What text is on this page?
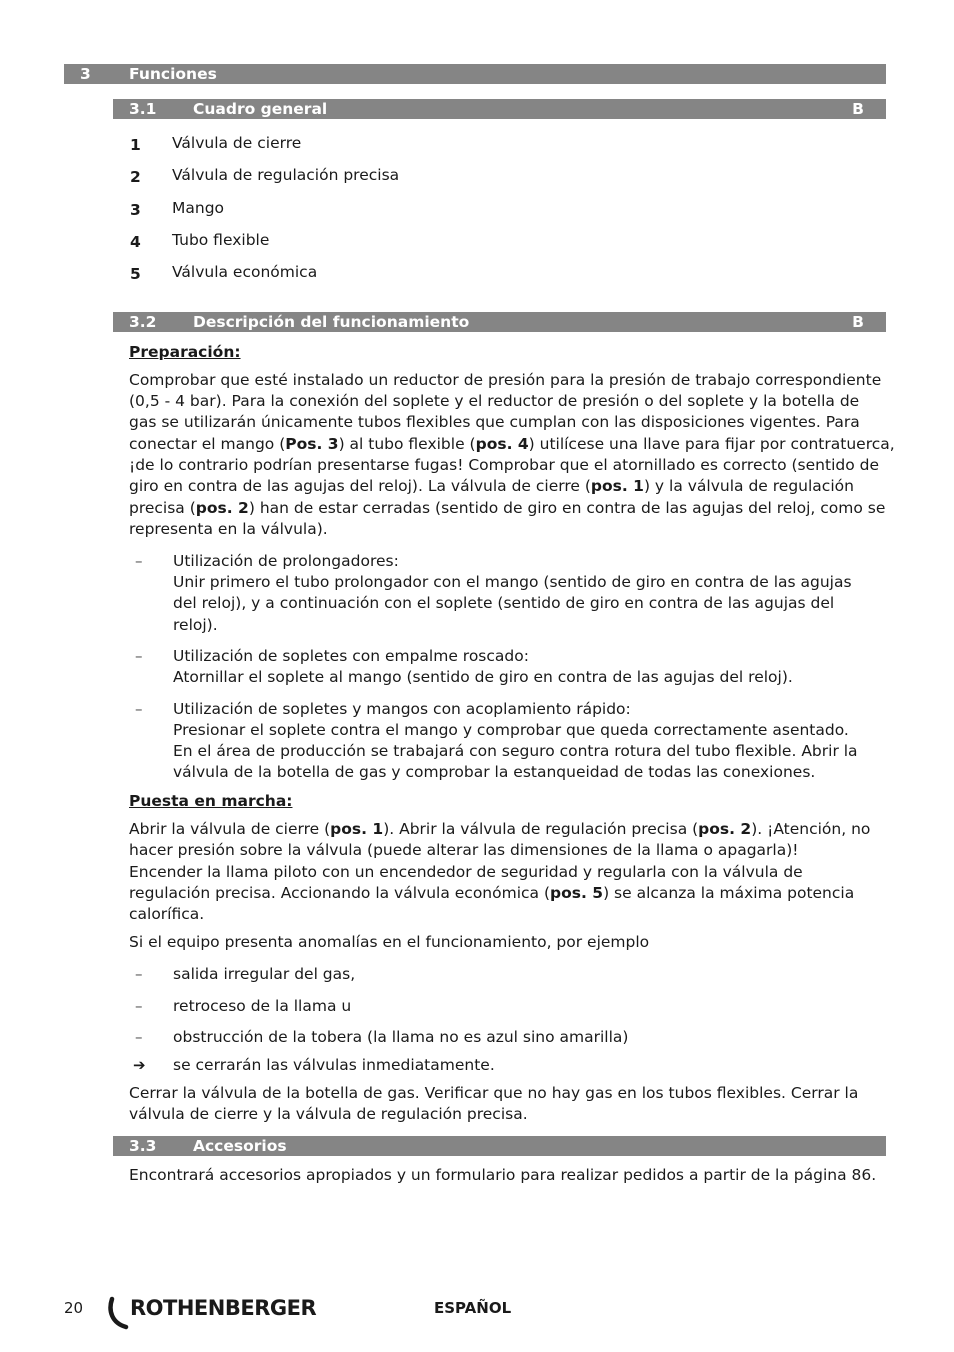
3 Funciones
3.1 Cuadro general	B
1 Válvula de cierre
2 Válvula de regulación precisa
3 Mango
4 Tubo flexible
5 Válvula económica
3.2 Descripción del funcionamiento	B
Preparación:
Comprobar que esté instalado un reductor de presión para la presión de trabajo correspondiente
(0,5 - 4 bar). Para la conexión del soplete y el reductor de presión o del soplete y la botella de
gas se utilizarán únicamente tubos flexibles que cumplan con las disposiciones vigentes. Para
conectar el mango (Pos. 3) al tubo flexible (pos. 4) utilícese una llave para fijar por contratuerca,
¡de lo contrario podrían presentarse fugas! Comprobar que el atornillado es correcto (sentido de
giro en contra de las agujas del reloj). La válvula de cierre (pos. 1) y la válvula de regulación
precisa (pos. 2) han de estar cerradas (sentido de giro en contra de las agujas del reloj, como se
representa en la válvula).
– Utilización de prolongadores:
Unir primero el tubo prolongador con el mango (sentido de giro en contra de las agujas
del reloj), y a continuación con el soplete (sentido de giro en contra de las agujas del
reloj).
– Utilización de sopletes con empalme roscado:
Atornillar el soplete al mango (sentido de giro en contra de las agujas del reloj).
– Utilización de sopletes y mangos con acoplamiento rápido:
Presionar el soplete contra el mango y comprobar que queda correctamente asentado.
En el área de producción se trabajará con seguro contra rotura del tubo flexible. Abrir la
válvula de la botella de gas y comprobar la estanqueidad de todas las conexiones.
Puesta en marcha:
Abrir la válvula de cierre (pos. 1). Abrir la válvula de regulación precisa (pos. 2). ¡Atención, no
hacer presión sobre la válvula (puede alterar las dimensiones de la llama o apagarla)!
Encender la llama piloto con un encendedor de seguridad y regularla con la válvula de
regulación precisa. Accionando la válvula económica (pos. 5) se alcanza la máxima potencia
calorífica.
Si el equipo presenta anomalías en el funcionamiento, por ejemplo
– salida irregular del gas,
– retroceso de la llama u
– obstrucción de la tobera (la llama no es azul sino amarilla)
➔ se cerrarán las válvulas inmediatamente.
Cerrar la válvula de la botella de gas. Verificar que no hay gas en los tubos flexibles. Cerrar la
válvula de cierre y la válvula de regulación precisa.
3.3 Accesorios
Encontrará accesorios apropiados y un formulario para realizar pedidos a partir de la página 86.
20 ROTHENBERGER	ESPAÑOL
